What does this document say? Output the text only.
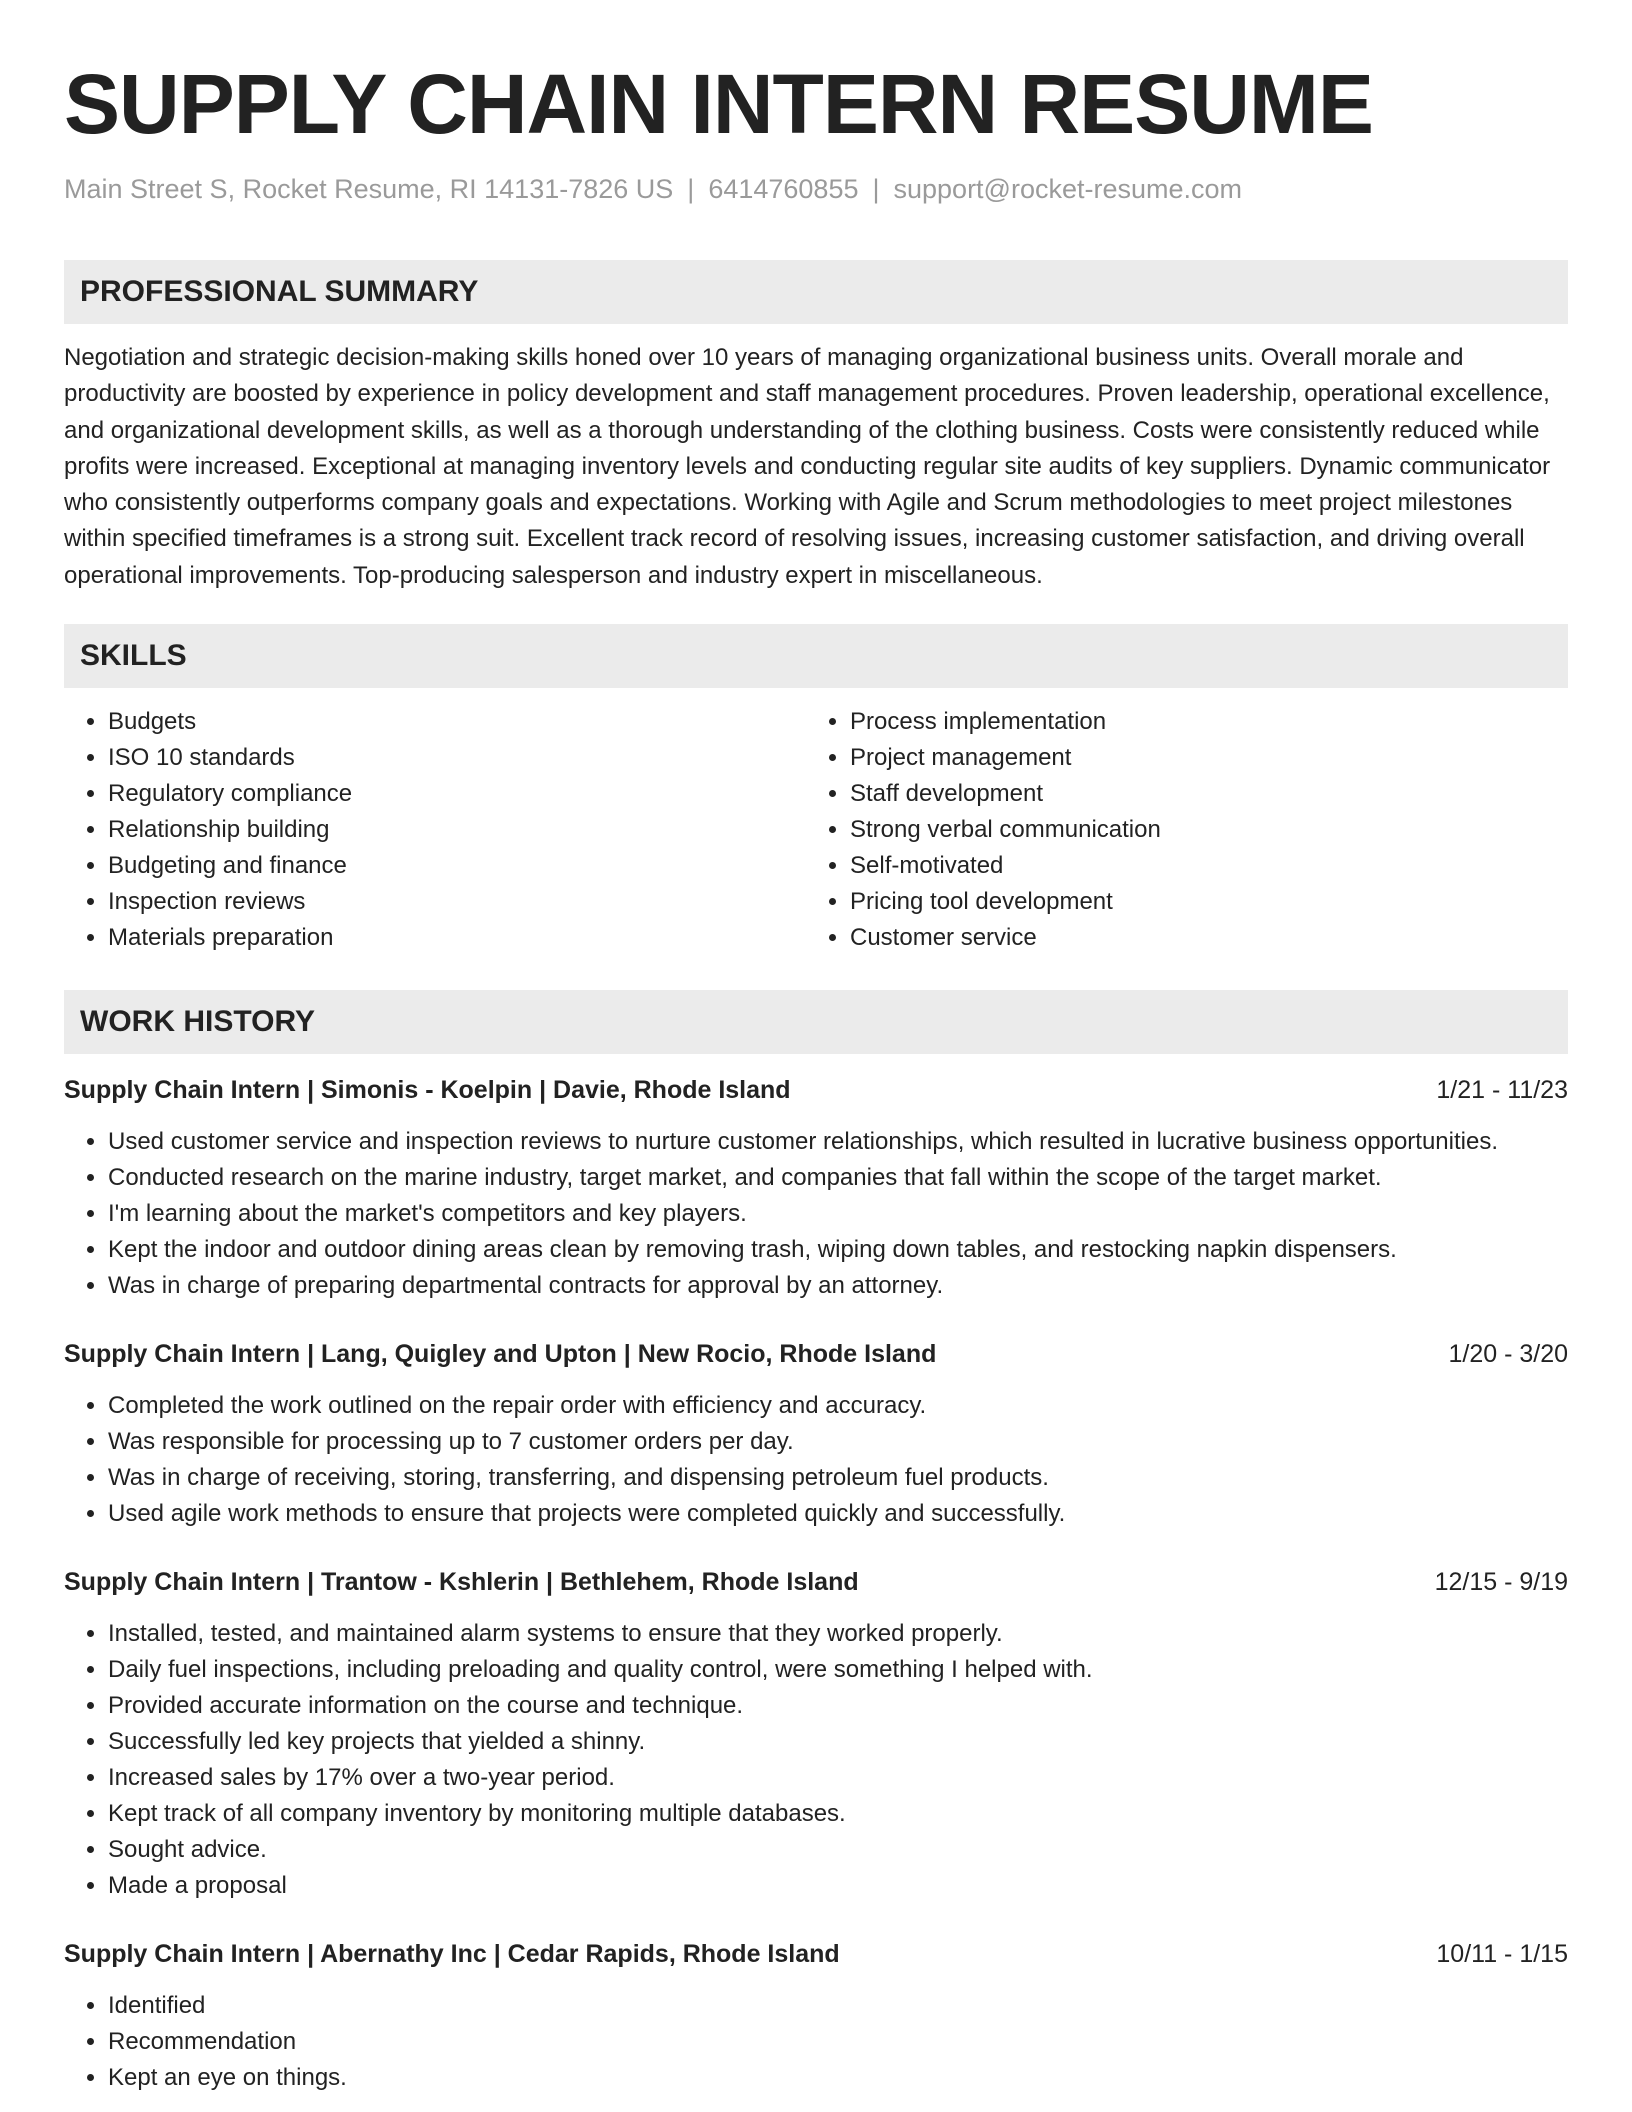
SUPPLY CHAIN INTERN RESUME
Main Street S, Rocket Resume, RI 14131-7826 US | 6414760855 | support@rocket-resume.com
PROFESSIONAL SUMMARY
Negotiation and strategic decision-making skills honed over 10 years of managing organizational business units. Overall morale and productivity are boosted by experience in policy development and staff management procedures. Proven leadership, operational excellence, and organizational development skills, as well as a thorough understanding of the clothing business. Costs were consistently reduced while profits were increased. Exceptional at managing inventory levels and conducting regular site audits of key suppliers. Dynamic communicator who consistently outperforms company goals and expectations. Working with Agile and Scrum methodologies to meet project milestones within specified timeframes is a strong suit. Excellent track record of resolving issues, increasing customer satisfaction, and driving overall operational improvements. Top-producing salesperson and industry expert in miscellaneous.
SKILLS
• Budgets
• ISO 10 standards
• Regulatory compliance
• Relationship building
• Budgeting and finance
• Inspection reviews
• Materials preparation
• Process implementation
• Project management
• Staff development
• Strong verbal communication
• Self-motivated
• Pricing tool development
• Customer service
WORK HISTORY
Supply Chain Intern | Simonis - Koelpin | Davie, Rhode Island	1/21 - 11/23
• Used customer service and inspection reviews to nurture customer relationships, which resulted in lucrative business opportunities.
• Conducted research on the marine industry, target market, and companies that fall within the scope of the target market.
• I'm learning about the market's competitors and key players.
• Kept the indoor and outdoor dining areas clean by removing trash, wiping down tables, and restocking napkin dispensers.
• Was in charge of preparing departmental contracts for approval by an attorney.
Supply Chain Intern | Lang, Quigley and Upton | New Rocio, Rhode Island	1/20 - 3/20
• Completed the work outlined on the repair order with efficiency and accuracy.
• Was responsible for processing up to 7 customer orders per day.
• Was in charge of receiving, storing, transferring, and dispensing petroleum fuel products.
• Used agile work methods to ensure that projects were completed quickly and successfully.
Supply Chain Intern | Trantow - Kshlerin | Bethlehem, Rhode Island	12/15 - 9/19
• Installed, tested, and maintained alarm systems to ensure that they worked properly.
• Daily fuel inspections, including preloading and quality control, were something I helped with.
• Provided accurate information on the course and technique.
• Successfully led key projects that yielded a shinny.
• Increased sales by 17% over a two-year period.
• Kept track of all company inventory by monitoring multiple databases.
• Sought advice.
• Made a proposal
Supply Chain Intern | Abernathy Inc | Cedar Rapids, Rhode Island	10/11 - 1/15
• Identified
• Recommendation
• Kept an eye on things.
